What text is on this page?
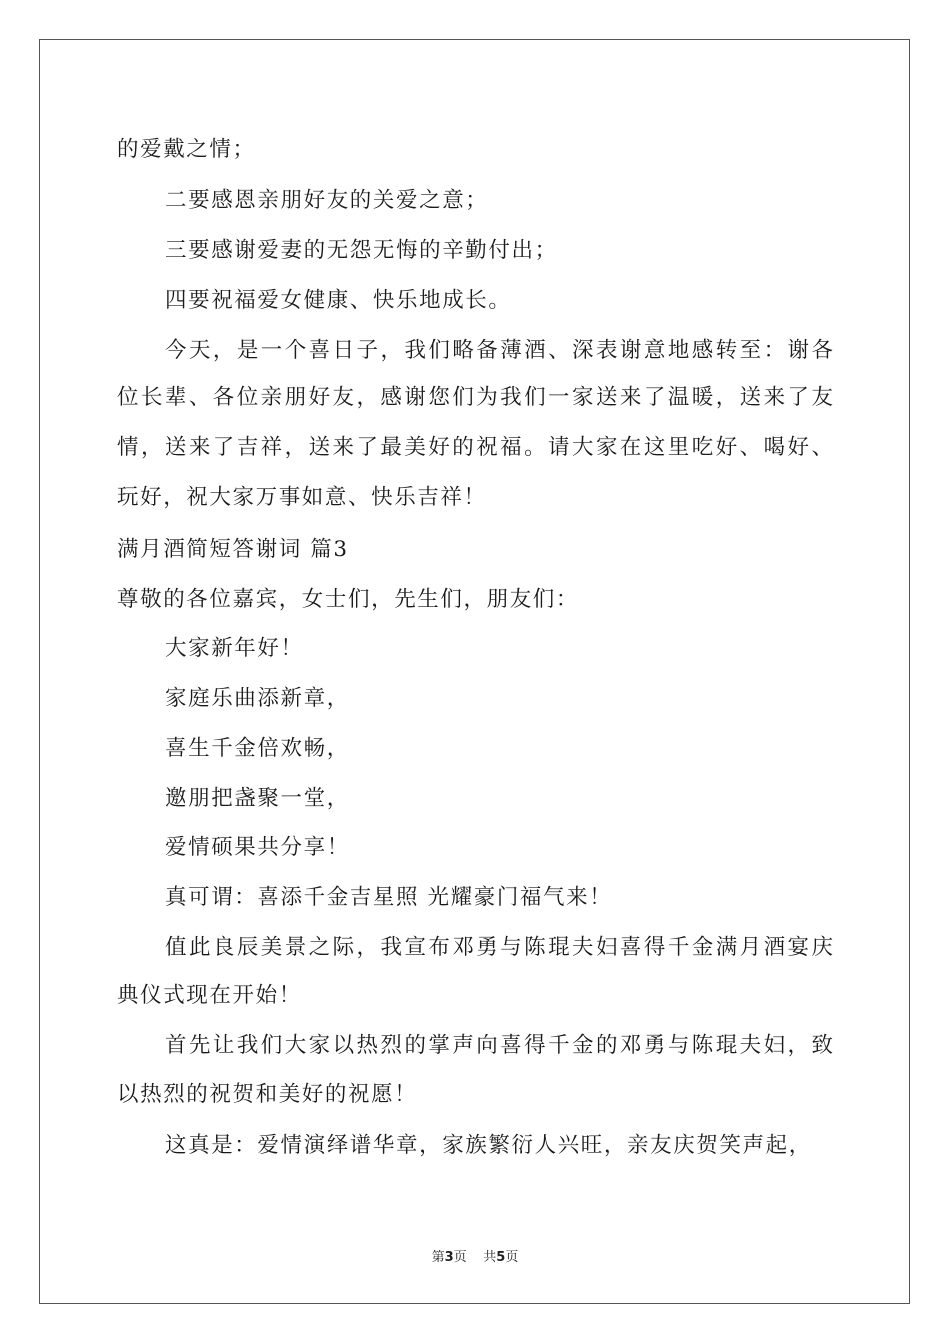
的爱戴之情；
二要感恩亲朋好友的关爱之意；
三要感谢爱妻的无怨无悔的辛勤付出；
四要祝福爱女健康、快乐地成长。
今天，是一个喜日子，我们略备薄酒、深表谢意地感转至：谢各
位长辈、各位亲朋好友，感谢您们为我们一家送来了温暖，送来了友
情，送来了吉祥，送来了最美好的祝福。请大家在这里吃好、喝好、
玩好，祝大家万事如意、快乐吉祥！
满月酒简短答谢词 篇3
尊敬的各位嘉宾，女士们，先生们，朋友们：
大家新年好！
家庭乐曲添新章，
喜生千金倍欢畅，
邀朋把盏聚一堂，
爱情硕果共分享！
真可谓：喜添千金吉星照 光耀豪门福气来！
值此良辰美景之际，我宣布邓勇与陈琨夫妇喜得千金满月酒宴庆
典仪式现在开始！
首先让我们大家以热烈的掌声向喜得千金的邓勇与陈琨夫妇，致
以热烈的祝贺和美好的祝愿！
这真是：爱情演绎谱华章，家族繁衍人兴旺，亲友庆贺笑声起，
第3页 共5页
